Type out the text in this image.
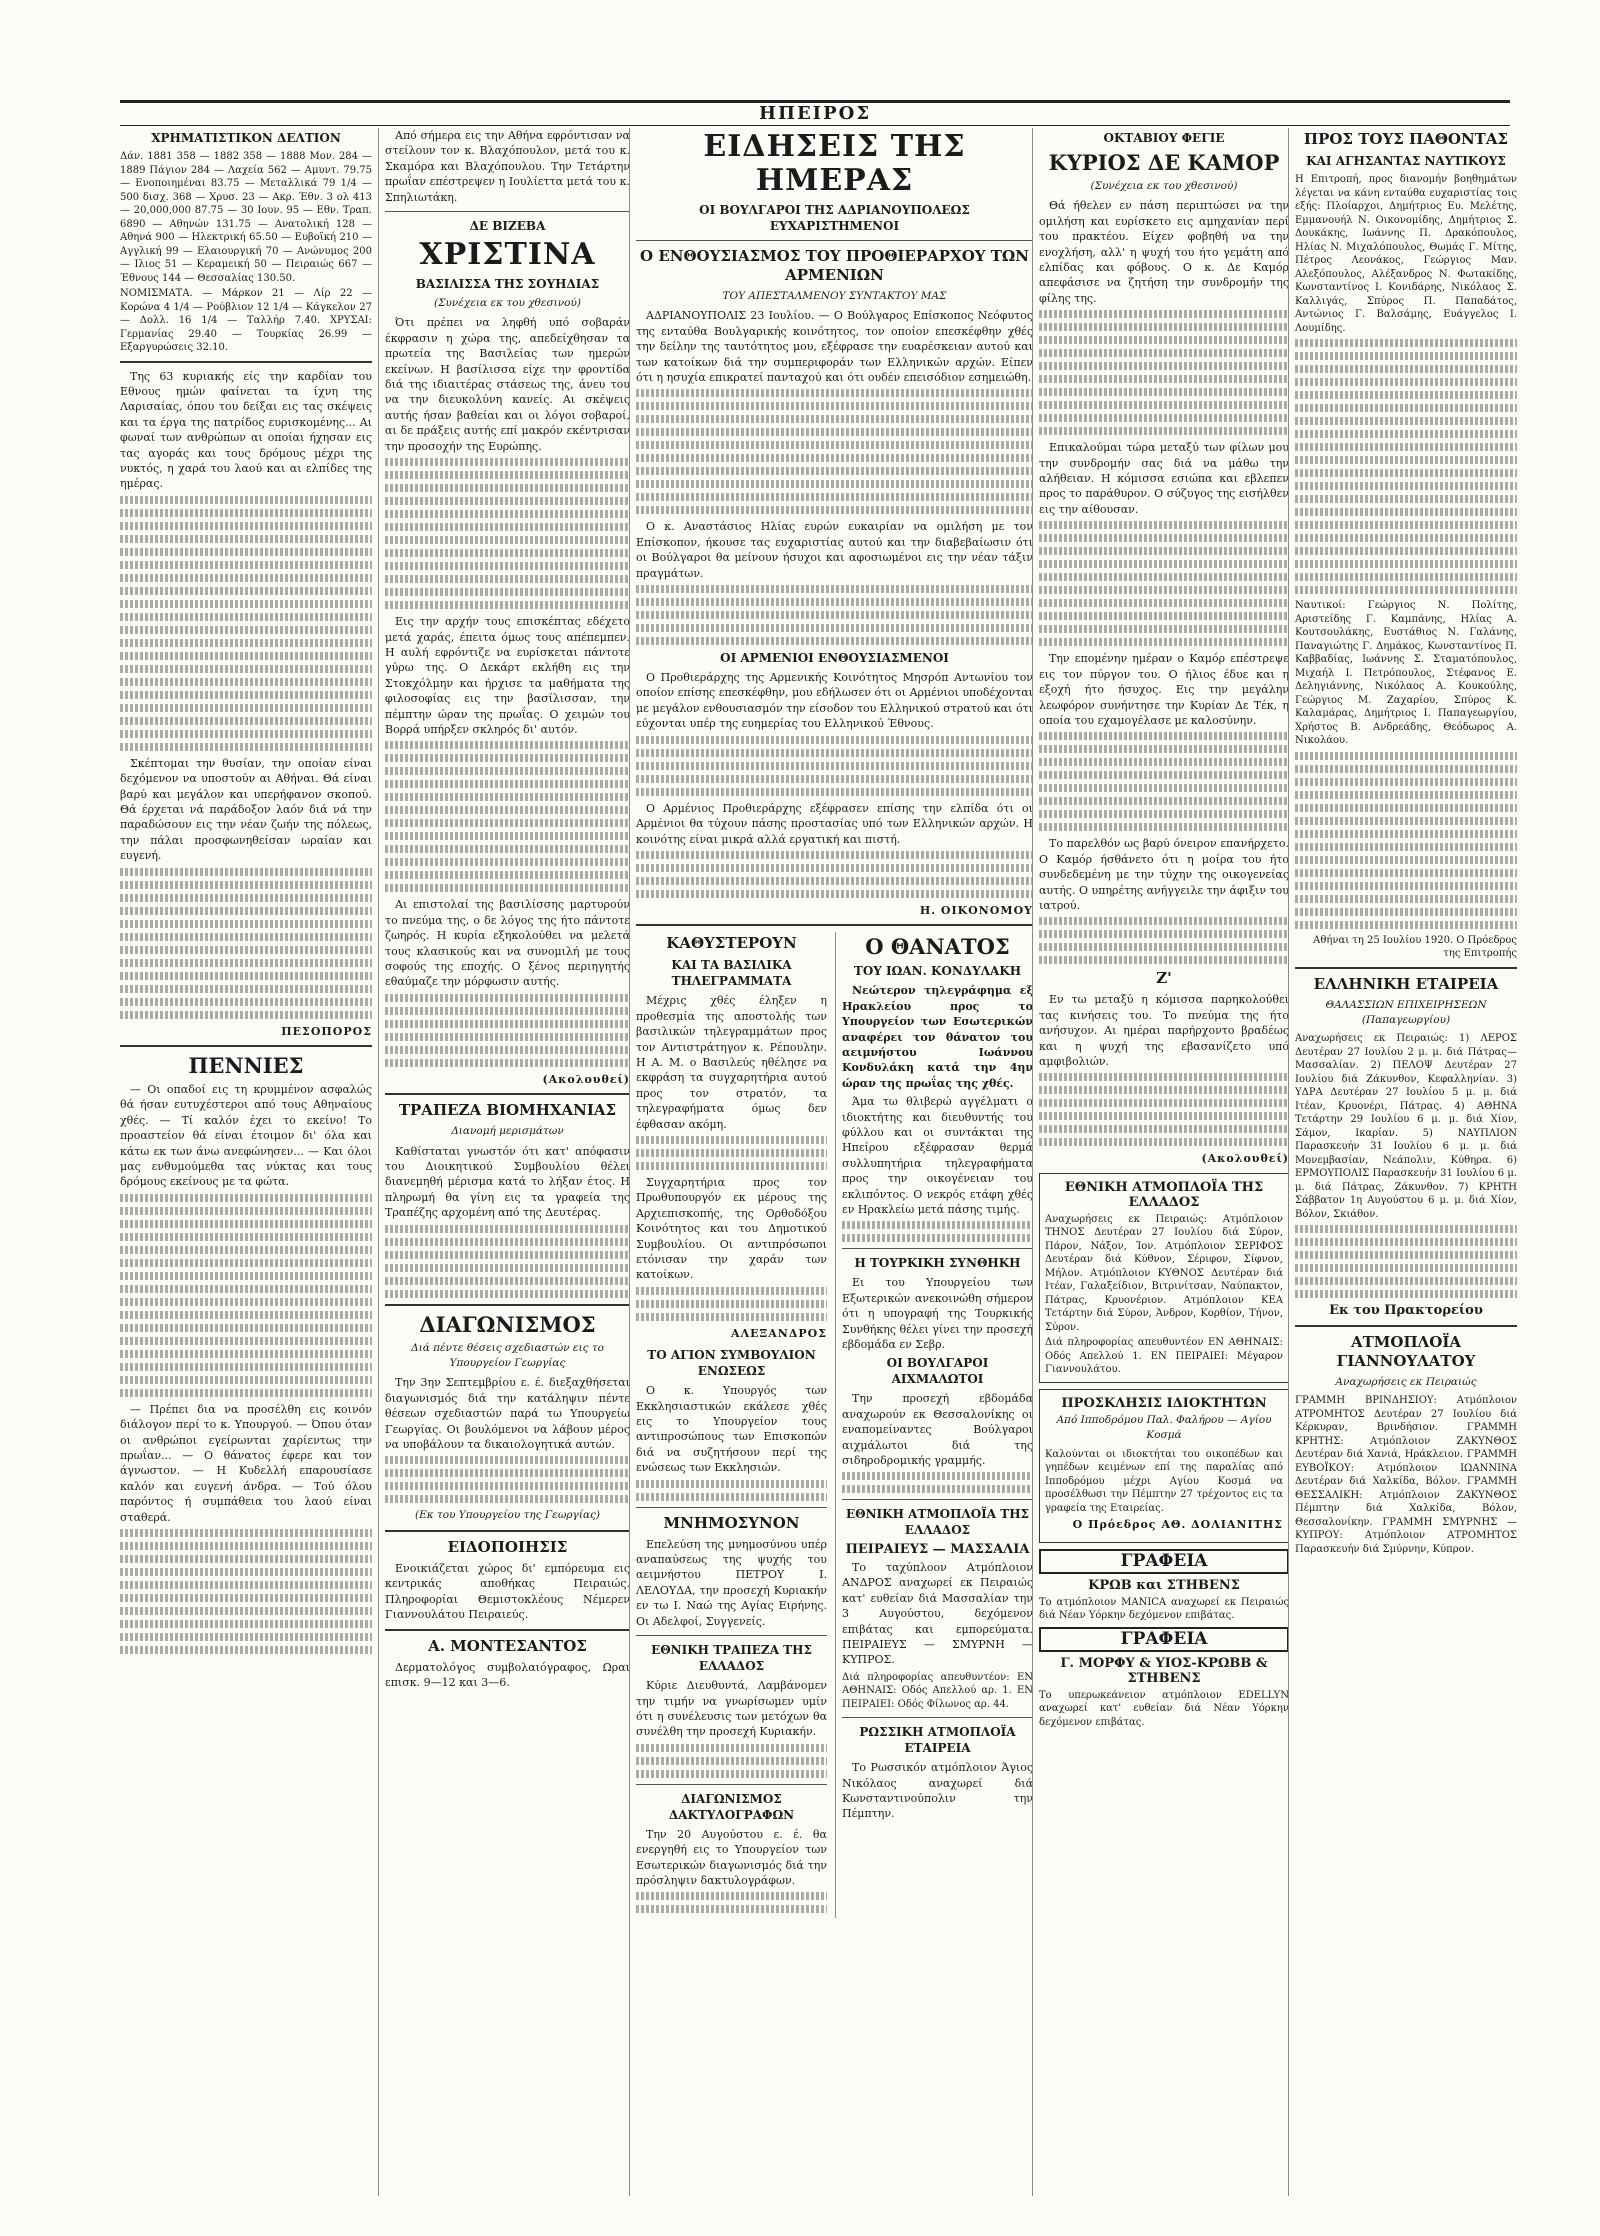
ΗΠΕΙΡΟΣ
ΧΡΗΜΑΤΙΣΤΙΚΟΝ ΔΕΛΤΙΟΝ
Δάν. 1881 358 — 1882 358 — 1888 Μον. 284 — 1889 Πάγιον 284 — Λαχεία 562 — Αμυντ. 79.75 — Ενοποιημέναι 83.75 — Μεταλλικά 79 1/4 — 500 δισχ. 368 — Χρυσ. 23 — Ακρ. Έθν. 3 ολ 413 — 20,000,000 87.75 — 30 Ιουν. 95 — Εθν. Τραπ. 6890 — Αθηνών 131.75 — Ανατολική 128 — Αθηνά 900 — Ηλεκτρική 65.50 — Ευβοϊκή 210 — Αγγλική 99 — Ελαιουργική 70 — Ανώνυμος 200 — Ιλιος 51 — Κεραμεική 50 — Πειραιώς 667 — Έθνους 144 — Θεσσαλίας 130.50.
ΝΟΜΙΣΜΑΤΑ. — Μάρκον 21 — Λίρ 22 — Κορώνα 4 1/4 — Ρούβλιον 12 1/4 — Κάγκελον 27 — Δολλ. 16 1/4 — Ταλλήρ 7.40. ΧΡΥΣΑΙ: Γερμανίας 29.40 — Τουρκίας 26.99 — Εξαργυρώσεις 32.10.

Της 63 κυριακής είς την καρδίαν του Εθνους ημών φαίνεται τα ίχνη της Λαρισαίας, όπου του δείξαι εις τας σκέψεις και τα έργα της πατρίδος ευρισκομένης... Αι φωναί των ανθρώπων αι οποίαι ήχησαν εις τας αγοράς και τους δρόμους μέχρι της νυκτός, η χαρά του λαού και αι ελπίδες της ημέρας.

Σκέπτομαι την θυσίαν, την οποίαν είναι δεχόμενον να υποστούν αι Αθήναι. Θά είναι βαρύ και μεγάλον και υπερήφανον σκοπού. Θά έρχεται νά παράδοξον λαόν διά νά την παραδώσουν εις την νέαν ζωήν της πόλεως, την πάλαι προσφωνηθείσαν ωραίαν και ευγενή.

ΠΕΣΟΠΟΡΟΣ
ΠΕΝΝΙΕΣ

— Οι οπαδοί εις τη κρυμμένον ασφαλώς θά ήσαν ευτυχέστεροι από τους Αθηναίους χθές. — Τί καλόν έχει το εκείνο! Το προαστείον θά είναι έτοιμον δι' όλα και κάτω εκ των άνω ανεφώνησεν... — Και όλοι μας ενθυμούμεθα τας νύκτας και τους δρόμους εκείνους με τα φώτα.

— Πρέπει δια να προσέλθη εις κοινόν διάλογον περί το κ. Υπουργού. — Όπου όταν οι ανθρώποι εγείρωνται χαρίεντως την πρωΐαν... — Ο θάνατος έφερε και τον άγνωστον. — Η Κυδελλή επαρουσίασε καλόν και ευγενή άνδρα. — Τού όλου παρόντος ή συμπάθεια του λαού είναι σταθερά.

Από σήμερα εις την Αθήνα εφρόντισαν να στείλουν τον κ. Βλαχόπουλον, μετά του κ. Σκαμόρα και Βλαχόπουλου. Την Τετάρτην πρωΐαν επέστρεψεν η Ιουλίεττα μετά του κ. Σπηλιωτάκη.

ΔΕ ΒΙΖΕΒΑ
ΧΡΙΣΤΙΝΑ
ΒΑΣΙΛΙΣΣΑ ΤΗΣ ΣΟΥΗΔΙΑΣ
(Συνέχεια εκ του χθεσινού)

Ότι πρέπει να ληφθή υπό σοβαράν έκφρασιν η χώρα της, απεδείχθησαν τα πρωτεία της Βασιλείας των ημερών εκείνων. Η βασίλισσα είχε την φροντίδα διά της ιδιαιτέρας στάσεως της, άνευ του να την διευκολύνη κανείς. Αι σκέψεις αυτής ήσαν βαθείαι και οι λόγοι σοβαροί, αι δε πράξεις αυτής επί μακρόν εκέντρισαν την προσοχήν της Ευρώπης.

Εις την αρχήν τους επισκέπτας εδέχετο μετά χαράς, έπειτα όμως τους απέπεμπεν. Η αυλή εφρόντιζε να ευρίσκεται πάντοτε γύρω της. Ο Δεκάρτ εκλήθη εις την Στοκχόλμην και ήρχισε τα μαθήματα της φιλοσοφίας εις την βασίλισσαν, την πέμπτην ώραν της πρωΐας. Ο χειμών του Βορρά υπήρξεν σκληρός δι' αυτόν.

Αι επιστολαί της βασιλίσσης μαρτυρούν το πνεύμα της, ο δε λόγος της ήτο πάντοτε ζωηρός. Η κυρία εξηκολούθει να μελετά τους κλασικούς και να συνομιλή με τους σοφούς της εποχής. Ο ξένος περιηγητής εθαύμαζε την μόρφωσιν αυτής.

(Ακολουθεί)
ΤΡΑΠΕΖΑ ΒΙΟΜΗΧΑΝΙΑΣ
Διανομή μερισμάτων

Καθίσταται γνωστόν ότι κατ' απόφασιν του Διοικητικού Συμβουλίου θέλει διανεμηθή μέρισμα κατά το λήξαν έτος. Η πληρωμή θα γίνη εις τα γραφεία της Τραπέζης αρχομένη από της Δευτέρας.

ΔΙΑΓΩΝΙΣΜΟΣ
Διά πέντε θέσεις σχεδιαστών εις το Υπουργείον Γεωργίας

Την 3ην Σεπτεμβρίου ε. έ. διεξαχθήσεται διαγωνισμός διά την κατάληψιν πέντε θέσεων σχεδιαστών παρά τω Υπουργείω Γεωργίας. Οι βουλόμενοι να λάβουν μέρος να υποβάλουν τα δικαιολογητικά αυτών.

(Εκ του Υπουργείου της Γεωργίας)
ΕΙΔΟΠΟΙΗΣΙΣ

Ενοικιάζεται χώρος δι' εμπόρευμα εις κεντρικάς αποθήκας Πειραιώς. Πληροφορίαι Θεμιστοκλέους Νέμερεν Γιαννουλάτου Πειραιεύς.

Α. ΜΟΝΤΕΣΑΝΤΟΣ

Δερματολόγος συμβολαιόγραφος, Ωραι επισκ. 9—12 και 3—6.

ΕΙΔΗΣΕΙΣ ΤΗΣ ΗΜΕΡΑΣ
ΟΙ ΒΟΥΛΓΑΡΟΙ ΤΗΣ ΑΔΡΙΑΝΟΥΠΟΛΕΩΣ ΕΥΧΑΡΙΣΤΗΜΕΝΟΙ
Ο ΕΝΘΟΥΣΙΑΣΜΟΣ ΤΟΥ ΠΡΟΘΙΕΡΑΡΧΟΥ ΤΩΝ ΑΡΜΕΝΙΩΝ
ΤΟΥ ΑΠΕΣΤΑΛΜΕΝΟΥ ΣΥΝΤΑΚΤΟΥ ΜΑΣ

ΑΔΡΙΑΝΟΥΠΟΛΙΣ 23 Ιουλίου. — Ο Βούλγαρος Επίσκοπος Νεόφυτος της ενταύθα Βουλγαρικής κοινότητος, τον οποίον επεσκέφθην χθές την δείλην της ταυτότητος μου, εξέφρασε την ευαρέσκειαν αυτού και των κατοίκων διά την συμπεριφοράν των Ελληνικών αρχών. Είπεν ότι η ησυχία επικρατεί πανταχού και ότι ουδέν επεισόδιον εσημειώθη.

Ο κ. Αναστάσιος Ηλίας ευρών ευκαιρίαν να ομιλήση με τον Επίσκοπον, ήκουσε τας ευχαριστίας αυτού και την διαβεβαίωσιν ότι οι Βούλγαροι θα μείνουν ήσυχοι και αφοσιωμένοι εις την νέαν τάξιν πραγμάτων.

ΟΙ ΑΡΜΕΝΙΟΙ ΕΝΘΟΥΣΙΑΣΜΕΝΟΙ

Ο Προθιεράρχης της Αρμενικής Κοινότητος Μησρόπ Αντωνίου τον οποίον επίσης επεσκέφθην, μου εδήλωσεν ότι οι Αρμένιοι υποδέχονται με μεγάλον ενθουσιασμόν την είσοδον του Ελληνικού στρατού και ότι εύχονται υπέρ της ευημερίας του Ελληνικού Έθνους.

Ο Αρμένιος Προθιεράρχης εξέφρασεν επίσης την ελπίδα ότι οι Αρμένιοι θα τύχουν πάσης προστασίας υπό των Ελληνικών αρχών. Η κοινότης είναι μικρά αλλά εργατική και πιστή.

Η. ΟΙΚΟΝΟΜΟΥ
ΚΑΘΥΣΤΕΡΟΥΝ
ΚΑΙ ΤΑ ΒΑΣΙΛΙΚΑ ΤΗΛΕΓΡΑΜΜΑΤΑ

Μέχρις χθές έληξεν η προθεσμία της αποστολής των βασιλικών τηλεγραμμάτων προς τον Αντιστράτηγον κ. Ρέπουλην. Η Α. Μ. ο Βασιλεύς ηθέλησε να εκφράση τα συγχαρητήρια αυτού προς τον στρατόν, τα τηλεγραφήματα όμως δεν έφθασαν ακόμη.

Συγχαρητήρια προς τον Πρωθυπουργόν εκ μέρους της Αρχιεπισκοπής, της Ορθοδόξου Κοινότητος και του Δημοτικού Συμβουλίου. Οι αντιπρόσωποι ετόνισαν την χαράν των κατοίκων.

ΑΛΕΞΑΝΔΡΟΣ
ΤΟ ΑΓΙΟΝ ΣΥΜΒΟΥΛΙΟΝ ΕΝΩΣΕΩΣ

Ο κ. Υπουργός των Εκκλησιαστικών εκάλεσε χθές εις το Υπουργείον τους αντιπροσώπους των Επισκοπών διά να συζητήσουν περί της ενώσεως των Εκκλησιών.

ΜΝΗΜΟΣΥΝΟΝ

Επελεύση της μνημοσύνου υπέρ αναπαύσεως της ψυχής του αειμνήστου ΠΕΤΡΟΥ Ι. ΛΕΛΟΥΔΑ, την προσεχή Κυριακήν εν τω Ι. Ναώ της Αγίας Ειρήνης. Οι Αδελφοί, Συγγενείς.

ΕΘΝΙΚΗ ΤΡΑΠΕΖΑ ΤΗΣ ΕΛΛΑΔΟΣ

Κύριε Διευθυντά, Λαμβάνομεν την τιμήν να γνωρίσωμεν υμίν ότι η συνέλευσις των μετόχων θα συνέλθη την προσεχή Κυριακήν.

ΔΙΑΓΩΝΙΣΜΟΣ ΔΑΚΤΥΛΟΓΡΑΦΩΝ

Την 20 Αυγούστου ε. έ. θα ενεργηθή εις το Υπουργείον των Εσωτερικών διαγωνισμός διά την πρόσληψιν δακτυλογράφων.

Ο ΘΑΝΑΤΟΣ
ΤΟΥ ΙΩΑΝ. ΚΟΝΔΥΛΑΚΗ

Νεώτερον τηλεγράφημα εξ Ηρακλείου προς το Υπουργείον των Εσωτερικών αναφέρει τον θάνατον του αειμνήστου Ιωάννου Κονδυλάκη κατά την 4ην ώραν της πρωΐας της χθές.

Άμα τω θλιβερώ αγγέλματι ο ιδιοκτήτης και διευθυντής του φύλλου και οι συντάκται της Ηπείρου εξέφρασαν θερμά συλλυπητήρια τηλεγραφήματα προς την οικογένειαν του εκλιπόντος. Ο νεκρός ετάφη χθές εν Ηρακλείω μετά πάσης τιμής.

Η ΤΟΥΡΚΙΚΗ ΣΥΝΘΗΚΗ

Ει του Υπουργείου των Εξωτερικών ανεκοινώθη σήμερον ότι η υπογραφή της Τουρκικής Συνθήκης θέλει γίνει την προσεχή εβδομάδα εν Σεβρ.

ΟΙ ΒΟΥΛΓΑΡΟΙ ΑΙΧΜΑΛΩΤΟΙ

Την προσεχή εβδομάδα αναχωρούν εκ Θεσσαλονίκης οι εναπομείναντες Βούλγαροι αιχμάλωτοι διά της σιδηροδρομικής γραμμής.

ΕΘΝΙΚΗ ΑΤΜΟΠΛΟΪΑ ΤΗΣ ΕΛΛΑΔΟΣ
ΠΕΙΡΑΙΕΥΣ — ΜΑΣΣΑΛΙΑ

Το ταχύπλοον Ατμόπλοιον ΑΝΔΡΟΣ αναχωρεί εκ Πειραιώς κατ' ευθείαν διά Μασσαλίαν την 3 Αυγούστου, δεχόμενον επιβάτας και εμπορεύματα. ΠΕΙΡΑΙΕΥΣ — ΣΜΥΡΝΗ — ΚΥΠΡΟΣ.

Διά πληροφορίας απευθυντέον: ΕΝ ΑΘΗΝΑΙΣ: Οδός Απελλού αρ. 1. ΕΝ ΠΕΙΡΑΙΕΙ: Οδός Φίλωνος αρ. 44.

ΡΩΣΣΙΚΗ ΑΤΜΟΠΛΟΪΑ ΕΤΑΙΡΕΙΑ

Το Ρωσσικόν ατμόπλοιον Άγιος Νικόλαος αναχωρεί διά Κωνσταντινούπολιν την Πέμπτην.

ΟΚΤΑΒΙΟΥ ΦΕΓΙΕ
ΚΥΡΙΟΣ ΔΕ ΚΑΜΟΡ
(Συνέχεια εκ του χθεσινού)

Θά ήθελεν εν πάση περιπτώσει να την ομιλήση και ευρίσκετο εις αμηχανίαν περί του πρακτέου. Είχεν φοβηθή να την ενοχλήση, αλλ' η ψυχή του ήτο γεμάτη από ελπίδας και φόβους. Ο κ. Δε Καμόρ απεφάσισε να ζητήση την συνδρομήν της φίλης της.

Επικαλούμαι τώρα μεταξύ των φίλων μου την συνδρομήν σας διά να μάθω την αλήθειαν. Η κόμισσα εσιώπα και εβλεπεν προς το παράθυρον. Ο σύζυγος της εισήλθεν εις την αίθουσαν.

Την επομένην ημέραν ο Καμόρ επέστρεψε εις τον πύργον του. Ο ήλιος έδυε και η εξοχή ήτο ήσυχος. Εις την μεγάλην λεωφόρον συνήντησε την Κυρίαν Δε Τέκ, η οποία του εχαμογέλασε με καλοσύνην.

Το παρελθόν ως βαρύ όνειρον επανήρχετο. Ο Καμόρ ήσθάνετο ότι η μοίρα του ήτο συνδεδεμένη με την τύχην της οικογενείας αυτής. Ο υπηρέτης ανήγγειλε την άφιξιν του ιατρού.

Ζ'

Εν τω μεταξύ η κόμισσα παρηκολούθει τας κινήσεις του. Το πνεύμα της ήτο ανήσυχον. Αι ημέραι παρήρχοντο βραδέως και η ψυχή της εβασανίζετο υπό αμφιβολιών.

(Ακολουθεί)
ΕΘΝΙΚΗ ΑΤΜΟΠΛΟΪΑ ΤΗΣ ΕΛΛΑΔΟΣ

Αναχωρήσεις εκ Πειραιώς: Ατμόπλοιον ΤΗΝΟΣ Δευτέραν 27 Ιουλίου διά Σύρον, Πάρον, Νάξον, Ίον. Ατμόπλοιον ΣΕΡΙΦΟΣ Δευτέραν διά Κύθνον, Σέριφον, Σίφνον, Μήλον. Ατμόπλοιον ΚΥΘΝΟΣ Δευτέραν διά Ιτέαν, Γαλαξείδιον, Βιτρινίτσαν, Ναύπακτον, Πάτρας, Κρυονέριον. Ατμόπλοιον ΚΕΑ Τετάρτην διά Σύρον, Άνδρον, Κορθίον, Τήνον, Σύρον.

Διά πληροφορίας απευθυντέον ΕΝ ΑΘΗΝΑΙΣ: Οδός Απελλού 1. ΕΝ ΠΕΙΡΑΙΕΙ: Μέγαρον Γιαννουλάτου.

ΠΡΟΣΚΛΗΣΙΣ ΙΔΙΟΚΤΗΤΩΝ
Από Ιπποδρόμου Παλ. Φαλήρου — Αγίου Κοσμά

Καλούνται οι ιδιοκτήται του οικοπέδων και γηπέδων κειμένων επί της παραλίας από Ιπποδρόμου μέχρι Αγίου Κοσμά να προσέλθωσι την Πέμπτην 27 τρέχοντος εις τα γραφεία της Εταιρείας.

Ο Πρόεδρος ΑΘ. ΔΟΛΙΑΝΙΤΗΣ
ΓΡΑΦΕΙΑ
ΚΡΩΒ και ΣΤΗΒΕΝΣ

Το ατμόπλοιον MANICA αναχωρεί εκ Πειραιώς διά Νέαν Υόρκην δεχόμενον επιβάτας.

ΓΡΑΦΕΙΑ
Γ. ΜΟΡΦΥ & ΥΙΟΣ-ΚΡΩΒΒ & ΣΤΗΒΕΝΣ

Το υπερωκεάνειον ατμόπλοιον EDELLYN αναχωρεί κατ' ευθείαν διά Νέαν Υόρκην δεχόμενον επιβάτας.

ΠΡΟΣ ΤΟΥΣ ΠΑΘΟΝΤΑΣ
ΚΑΙ ΑΓΗΣΑΝΤΑΣ ΝΑΥΤΙΚΟΥΣ

Η Επιτροπή, προς διανομήν βοηθημάτων λέγεται να κάνη ενταύθα ευχαριστίας τοις εξής: Πλοίαρχοι, Δημήτριος Ευ. Μελέτης, Εμμανουήλ Ν. Οικονομίδης, Δημήτριος Σ. Δουκάκης, Ιωάννης Π. Δρακόπουλος, Ηλίας Ν. Μιχαλόπουλος, Θωμάς Γ. Μίτης, Πέτρος Λεονάκος, Γεώργιος Μαν. Αλεξόπουλος, Αλέξανδρος Ν. Φωτακίδης, Κωνσταντίνος Ι. Κονιδάρης, Νικόλαος Σ. Καλλιγάς, Σπύρος Π. Παπαδάτος, Αντώνιος Γ. Βαλσάμης, Ευάγγελος Ι. Λουμίδης.

Ναυτικοί: Γεώργιος Ν. Πολίτης, Αριστείδης Γ. Καμπάνης, Ηλίας Α. Κουτσουλάκης, Ευστάθιος Ν. Γαλάνης, Παναγιώτης Γ. Δημάκος, Κωνσταντίνος Π. Καββαδίας, Ιωάννης Σ. Σταματόπουλος, Μιχαήλ Ι. Πετρόπουλος, Στέφανος Ε. Δεληγιάννης, Νικόλαος Α. Κουκούλης, Γεώργιος Μ. Ζαχαρίου, Σπύρος Κ. Καλαμάρας, Δημήτριος Ι. Παπαγεωργίου, Χρήστος Β. Ανδρεάδης, Θεόδωρος Α. Νικολάου.

Αθήναι τη 25 Ιουλίου 1920. Ο Πρόεδρος της Επιτροπής

ΕΛΛΗΝΙΚΗ ΕΤΑΙΡΕΙΑ
ΘΑΛΑΣΣΙΩΝ ΕΠΙΧΕΙΡΗΣΕΩΝ (Παπαγεωργίου)

Αναχωρήσεις εκ Πειραιώς: 1) ΛΕΡΟΣ Δευτέραν 27 Ιουλίου 2 μ. μ. διά Πάτρας—Μασσαλίαν. 2) ΠΕΛΟΨ Δευτέραν 27 Ιουλίου διά Ζάκυνθον, Κεφαλληνίαν. 3) ΥΔΡΑ Δευτέραν 27 Ιουλίου 5 μ. μ. διά Ιτέαν, Κρυονέρι, Πάτρας. 4) ΑΘΗΝΑ Τετάρτην 29 Ιουλίου 6 μ. μ. διά Χίον, Σάμον, Ικαρίαν. 5) ΝΑΥΠΛΙΟΝ Παρασκευήν 31 Ιουλίου 6 μ. μ. διά Μονεμβασίαν, Νεάπολιν, Κύθηρα. 6) ΕΡΜΟΥΠΟΛΙΣ Παρασκευήν 31 Ιουλίου 6 μ. μ. διά Πάτρας, Ζάκυνθον. 7) ΚΡΗΤΗ Σάββατον 1η Αυγούστου 6 μ. μ. διά Χίον, Βόλον, Σκιάθον.

Εκ του Πρακτορείου
ΑΤΜΟΠΛΟΪΑ ΓΙΑΝΝΟΥΛΑΤΟΥ
Αναχωρήσεις εκ Πειραιώς

ΓΡΑΜΜΗ ΒΡΙΝΔΗΣΙΟΥ: Ατμόπλοιον ΑΤΡΟΜΗΤΟΣ Δευτέραν 27 Ιουλίου διά Κέρκυραν, Βρινδήσιον. ΓΡΑΜΜΗ ΚΡΗΤΗΣ: Ατμόπλοιον ΖΑΚΥΝΘΟΣ Δευτέραν διά Χανιά, Ηράκλειον. ΓΡΑΜΜΗ ΕΥΒΟΪΚΟΥ: Ατμόπλοιον ΙΩΑΝΝΙΝΑ Δευτέραν διά Χαλκίδα, Βόλον. ΓΡΑΜΜΗ ΘΕΣΣΑΛΙΚΗ: Ατμόπλοιον ΖΑΚΥΝΘΟΣ Πέμπτην διά Χαλκίδα, Βόλον, Θεσσαλονίκην. ΓΡΑΜΜΗ ΣΜΥΡΝΗΣ — ΚΥΠΡΟΥ: Ατμόπλοιον ΑΤΡΟΜΗΤΟΣ Παρασκευήν διά Σμύρνην, Κύπρον.
